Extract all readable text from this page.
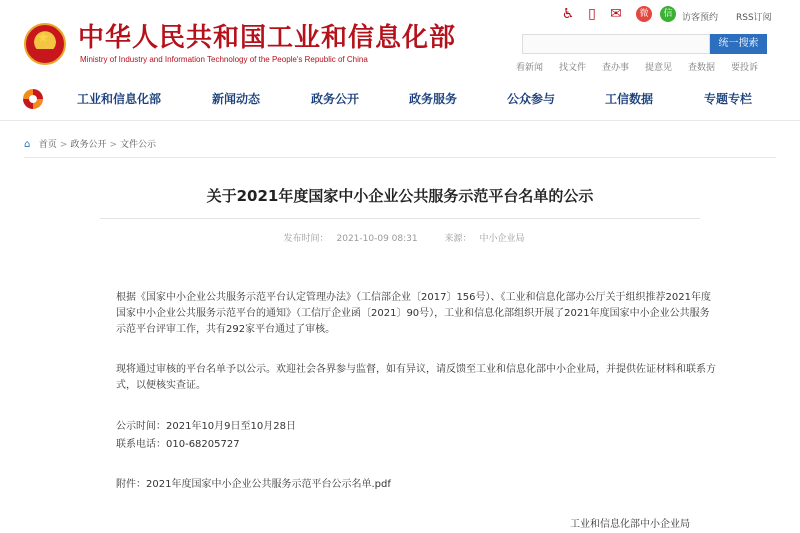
★ 中华人民共和国工业和信息化部
Ministry of Industry and Information Technology of the People's Republic of China
♿ ▯ ✉	微	信	访客预约 RSS订阅
统一搜索
看新闻 找文件 查办事 提意见 查数据 要投诉
工业和信息化部	新闻动态	政务公开	政务服务	公众参与	工信数据	专题专栏
⌂ 首页 > 政务公开 > 文件公示
关于2021年度国家中小企业公共服务示范平台名单的公示
发布时间： 2021-10-09 08:31	来源： 中小企业局
根据《国家中小企业公共服务示范平台认定管理办法》（工信部企业〔2017〕156号）、《工业和信息化部办公厅关于组织推荐2021年度国家中小企业公共服务示范平台的通知》（工信厅企业函〔2021〕90号），工业和信息化部组织开展了2021年度国家中小企业公共服务示范平台评审工作，共有292家平台通过了审核。
现将通过审核的平台名单予以公示。欢迎社会各界参与监督，如有异议，请反馈至工业和信息化部中小企业局，并提供佐证材料和联系方式，以便核实查证。
公示时间：2021年10月9日至10月28日
联系电话：010-68205727
附件：2021年度国家中小企业公共服务示范平台公示名单.pdf
工业和信息化部中小企业局
